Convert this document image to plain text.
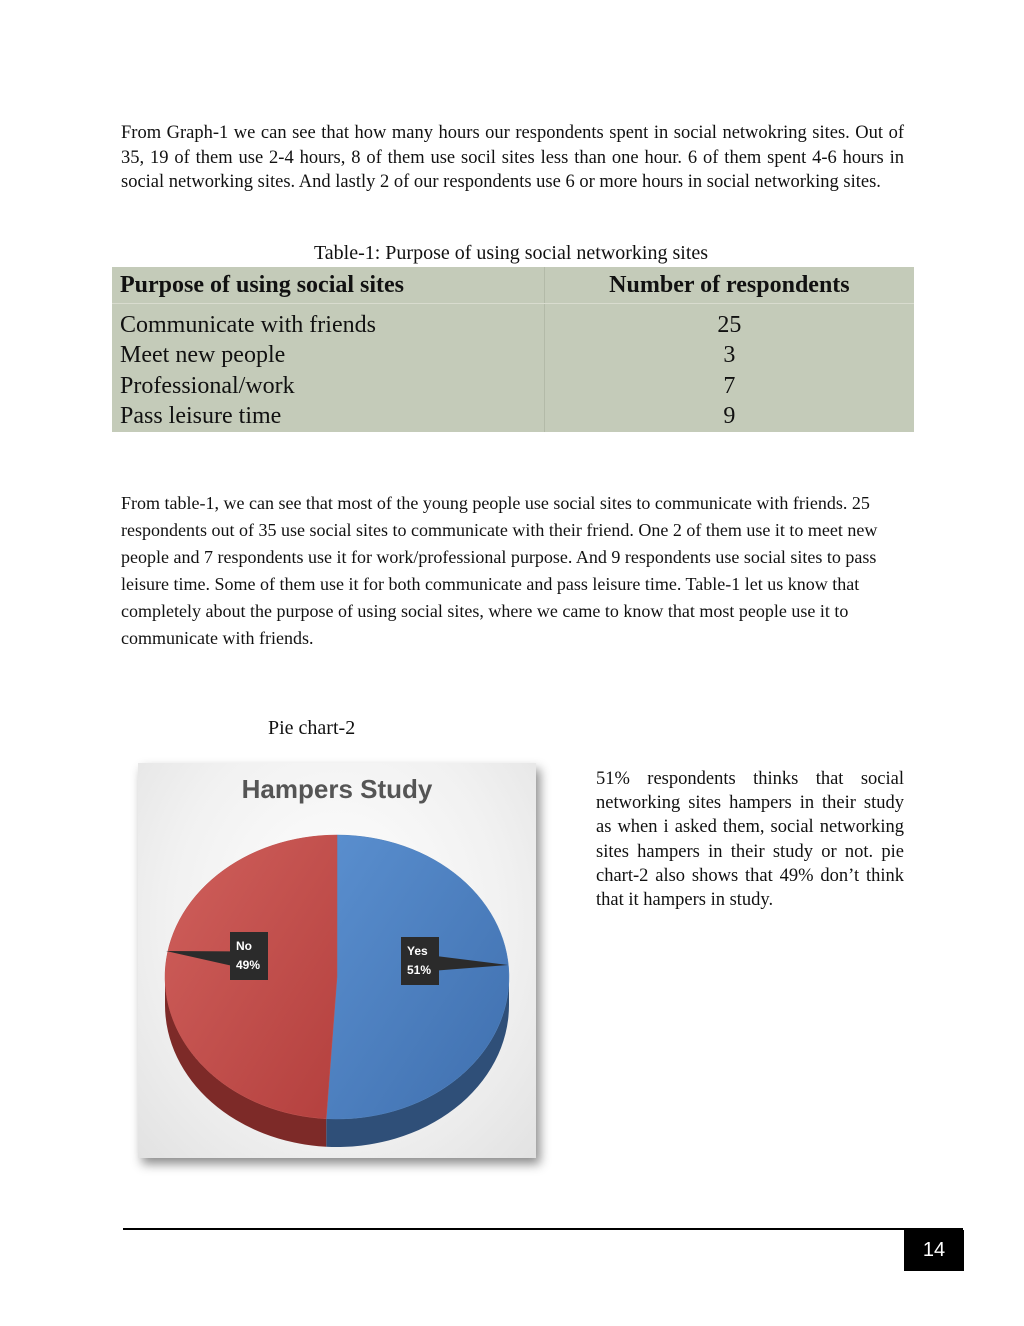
From Graph-1 we can see that how many hours our respondents spent in social netwokring sites. Out of 35, 19 of them use 2-4 hours, 8 of them use socil sites less than one hour. 6 of them spent 4-6 hours in social networking sites. And lastly 2 of our respondents use 6 or more hours in social networking sites.

Table-1: Purpose of using social networking sites
Purpose of using social sites	Number of respondents
Communicate with friends	25
Meet new people	3
Professional/work	7
Pass leisure time	9

From table-1, we can see that most of the young people use social sites to communicate with friends. 25 respondents out of 35 use social sites to communicate with their friend. One 2 of them use it to meet new people and 7 respondents use it for work/professional purpose. And 9 respondents use social sites to pass leisure time. Some of them use it for both communicate and pass leisure time. Table-1 let us know that completely about the purpose of using social sites, where we came to know that most people use it to communicate with friends.

Pie chart-2
Hampers Study
Yes
51%
No
49%

51% respondents thinks that social networking sites hampers in their study as when i asked them, social networking sites hampers in their study or not. pie chart-2 also shows that 49% don’t think that it hampers in study.

14
